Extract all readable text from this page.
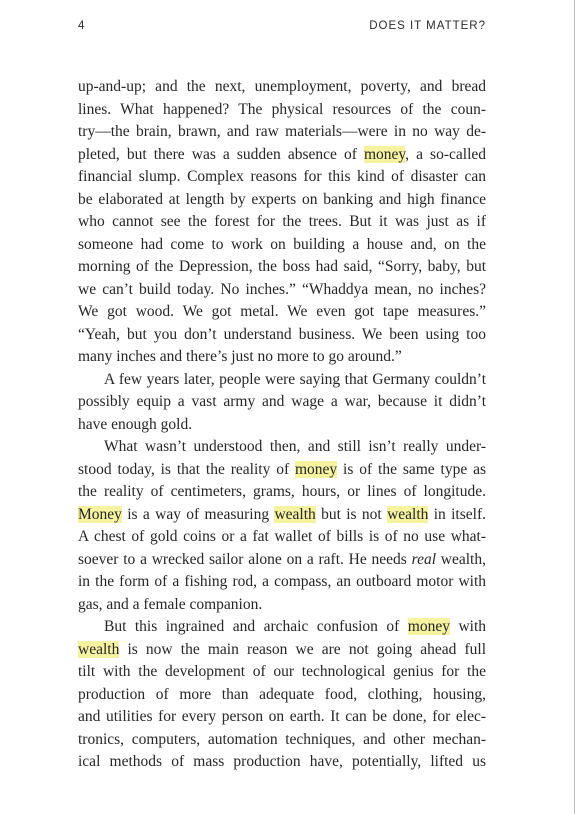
4	DOES IT MATTER?
up-and-up; and the next, unemployment, poverty, and bread
lines. What happened? The physical resources of the coun-
try—the brain, brawn, and raw materials—were in no way de-
pleted, but there was a sudden absence of money, a so-called
financial slump. Complex reasons for this kind of disaster can
be elaborated at length by experts on banking and high finance
who cannot see the forest for the trees. But it was just as if
someone had come to work on building a house and, on the
morning of the Depression, the boss had said, “Sorry, baby, but
we can’t build today. No inches.” “Whaddya mean, no inches?
We got wood. We got metal. We even got tape measures.”
“Yeah, but you don’t understand business. We been using too
many inches and there’s just no more to go around.”
A few years later, people were saying that Germany couldn’t
possibly equip a vast army and wage a war, because it didn’t
have enough gold.
What wasn’t understood then, and still isn’t really under-
stood today, is that the reality of money is of the same type as
the reality of centimeters, grams, hours, or lines of longitude.
Money is a way of measuring wealth but is not wealth in itself.
A chest of gold coins or a fat wallet of bills is of no use what-
soever to a wrecked sailor alone on a raft. He needs real wealth,
in the form of a fishing rod, a compass, an outboard motor with
gas, and a female companion.
But this ingrained and archaic confusion of money with
wealth is now the main reason we are not going ahead full
tilt with the development of our technological genius for the
production of more than adequate food, clothing, housing,
and utilities for every person on earth. It can be done, for elec-
tronics, computers, automation techniques, and other mechan-
ical methods of mass production have, potentially, lifted us
